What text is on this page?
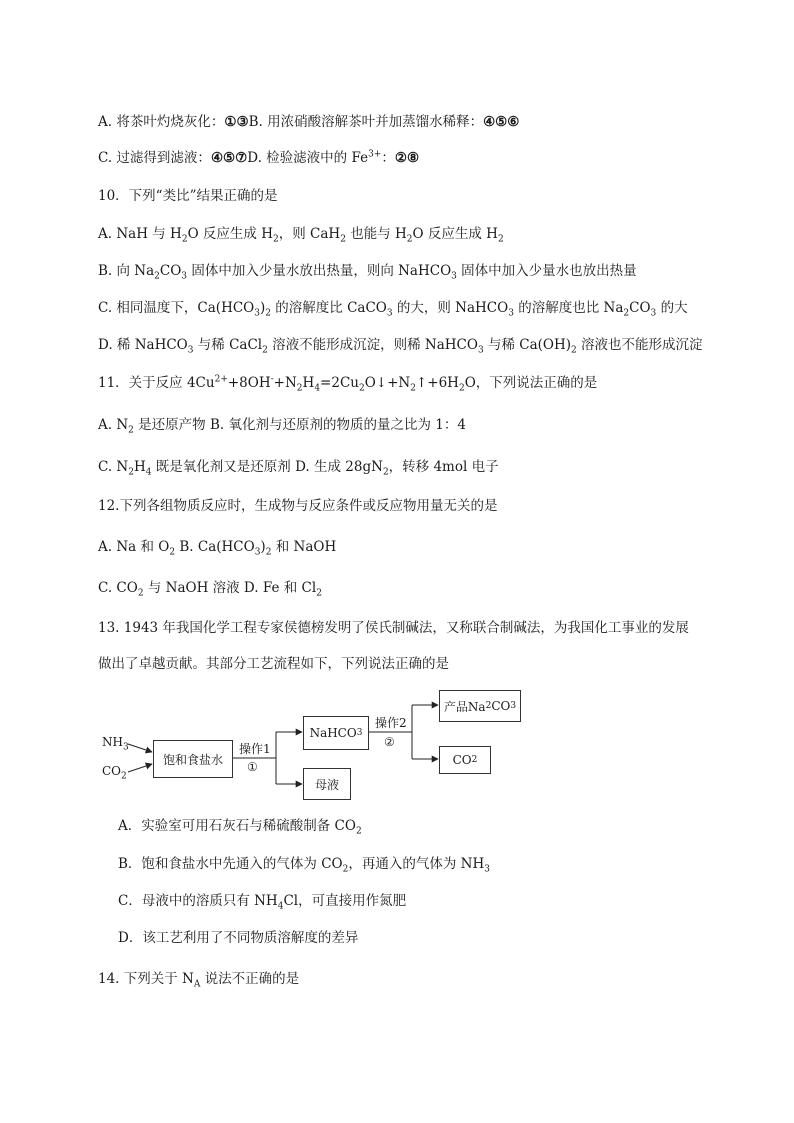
A. 将茶叶灼烧灰化：①③B. 用浓硝酸溶解茶叶并加蒸馏水稀释：④⑤⑥
C. 过滤得到滤液：④⑤⑦D. 检验滤液中的 $Fe^{3+}$：②⑧
10．下列“类比”结果正确的是
A. NaH 与 $H_2O$ 反应生成 $H_2$，则 CaH$_2$ 也能与 $H_2O$ 反应生成 $H_2$
B. 向 $Na_2CO_3$ 固体中加入少量水放出热量，则向 NaHCO$_3$ 固体中加入少量水也放出热量
C. 相同温度下，$Ca(HCO_3)_2$ 的溶解度比 CaCO$_3$ 的大，则 NaHCO$_3$ 的溶解度也比 $Na_2CO_3$ 的大
D. 稀 NaHCO$_3$ 与稀 CaCl$_2$ 溶液不能形成沉淀，则稀 NaHCO$_3$ 与稀 $Ca(OH)_2$ 溶液也不能形成沉淀
11．关于反应 $4Cu^{2+}+8OH^-+N_2H_4=2Cu_2O↓+N_2↑+6H_2O$，下列说法正确的是
A. $N_2$ 是还原产物 B. 氧化剂与还原剂的物质的量之比为 1：4
C. $N_2H_4$ 既是氧化剂又是还原剂 D. 生成 $28gN_2$，转移 4mol 电子
12.下列各组物质反应时，生成物与反应条件或反应物用量无关的是
A. Na 和 $O_2$ B. $Ca(HCO_3)_2$ 和 NaOH
C. $CO_2$ 与 NaOH 溶液 D. Fe 和 $Cl_2$
13. 1943 年我国化学工程专家侯德榜发明了侯氏制碱法，又称联合制碱法，为我国化工事业的发展
做出了卓越贡献。其部分工艺流程如下，下列说法正确的是
$NH_3$
$CO_2$
饱和食盐水
操作1
①
NaHCO 3
母液
操作2
②
产品Na 2 CO 3
CO 2
A．实验室可用石灰石与稀硫酸制备 $CO_2$
B．饱和食盐水中先通入的气体为 $CO_2$，再通入的气体为 $NH_3$
C．母液中的溶质只有 $NH_4Cl$，可直接用作氮肥
D．该工艺利用了不同物质溶解度的差异
14. 下列关于 $N_A$ 说法不正确的是
